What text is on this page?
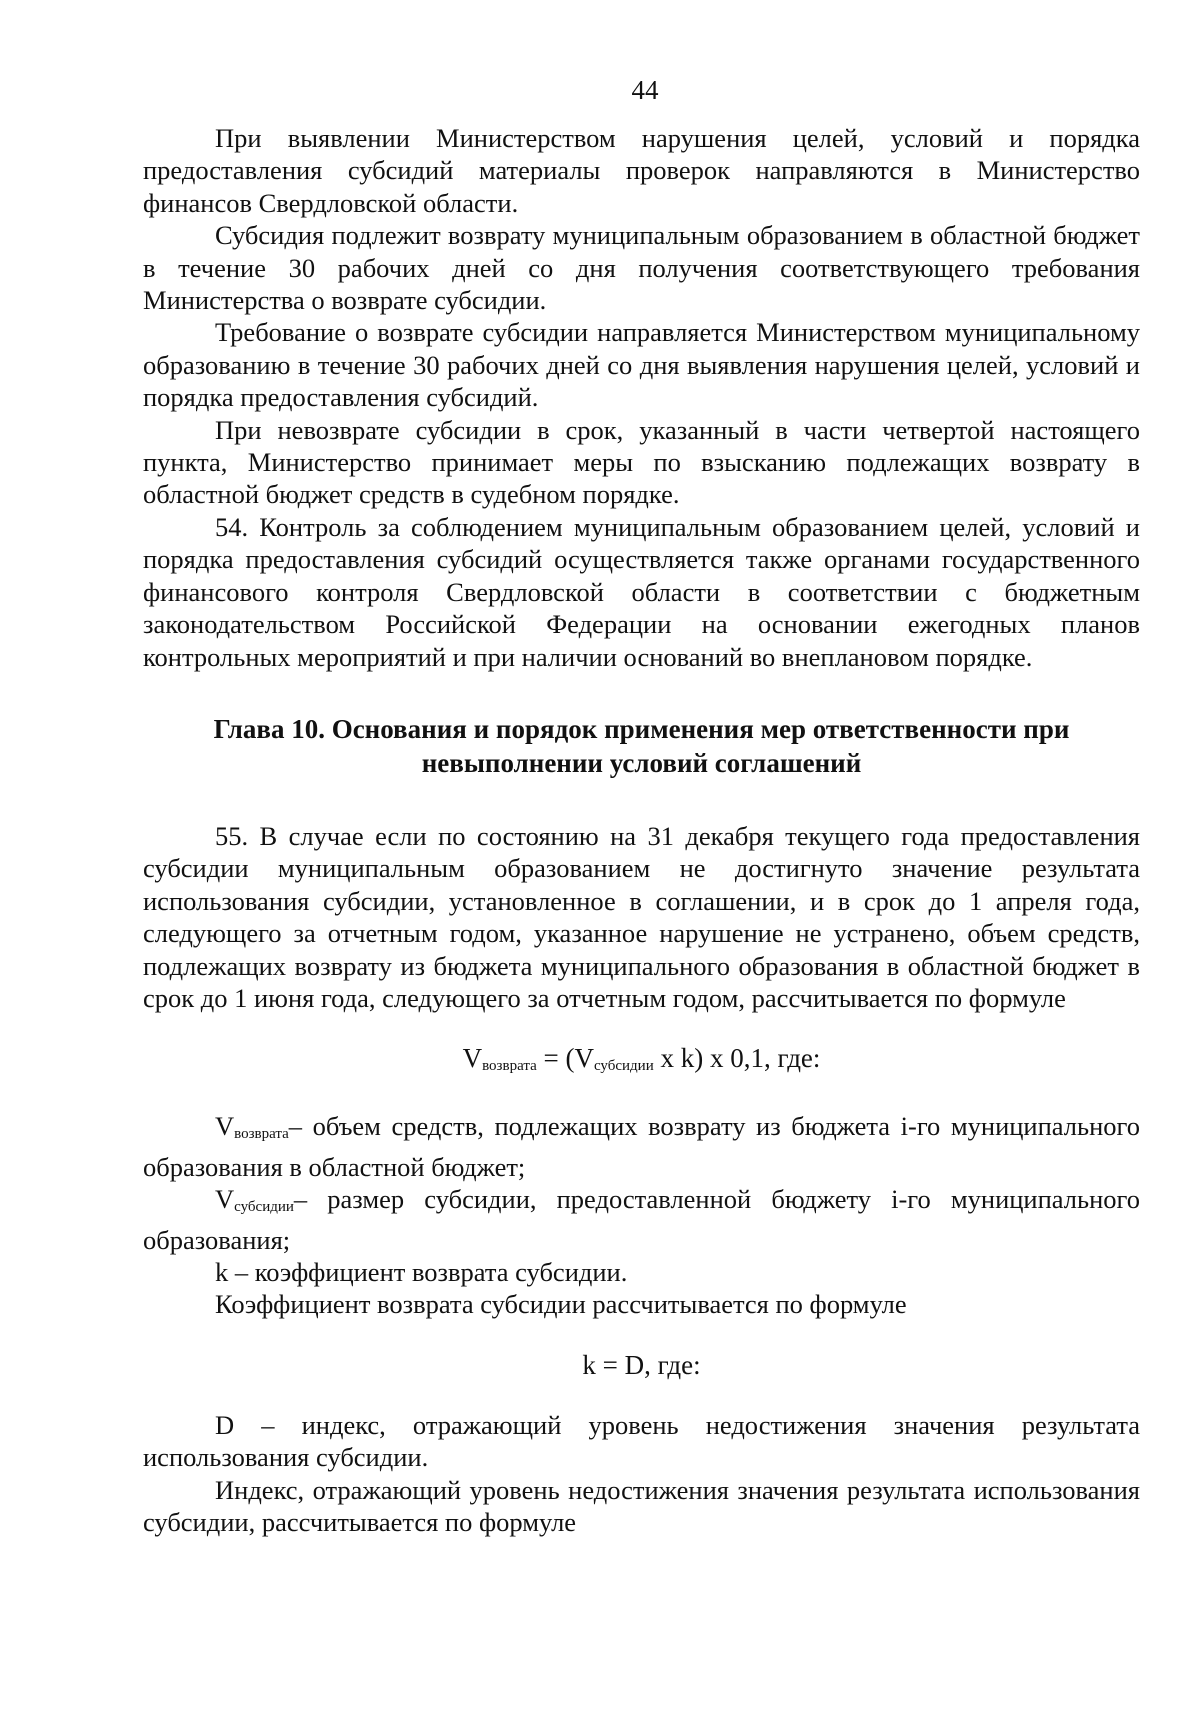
44

При выявлении Министерством нарушения целей, условий и порядка предоставления субсидий материалы проверок направляются в Министерство финансов Свердловской области.

Субсидия подлежит возврату муниципальным образованием в областной бюджет в течение 30 рабочих дней со дня получения соответствующего требования Министерства о возврате субсидии.

Требование о возврате субсидии направляется Министерством муниципальному образованию в течение 30 рабочих дней со дня выявления нарушения целей, условий и порядка предоставления субсидий.

При невозврате субсидии в срок, указанный в части четвертой настоящего пункта, Министерство принимает меры по взысканию подлежащих возврату в областной бюджет средств в судебном порядке.

54. Контроль за соблюдением муниципальным образованием целей, условий и порядка предоставления субсидий осуществляется также органами государственного финансового контроля Свердловской области в соответствии с бюджетным законодательством Российской Федерации на основании ежегодных планов контрольных мероприятий и при наличии оснований во внеплановом порядке.

Глава 10. Основания и порядок применения мер ответственности при
невыполнении условий соглашений

55. В случае если по состоянию на 31 декабря текущего года предоставления субсидии муниципальным образованием не достигнуто значение результата использования субсидии, установленное в соглашении, и в срок до 1 апреля года, следующего за отчетным годом, указанное нарушение не устранено, объем средств, подлежащих возврату из бюджета муниципального образования в областной бюджет в срок до 1 июня года, следующего за отчетным годом, рассчитывается по формуле

$V_{возврата} = (V_{субсидии}$ x k) x 0,1, где:

$V_{возврата}-$ объем средств, подлежащих возврату из бюджета i-го муниципального образования в областной бюджет;

$V_{субсидии}-$ размер субсидии, предоставленной бюджету i-го муниципального образования;

k – коэффициент возврата субсидии.

Коэффициент возврата субсидии рассчитывается по формуле

k = D, где:

D – индекс, отражающий уровень недостижения значения результата использования субсидии.

Индекс, отражающий уровень недостижения значения результата использования субсидии, рассчитывается по формуле
